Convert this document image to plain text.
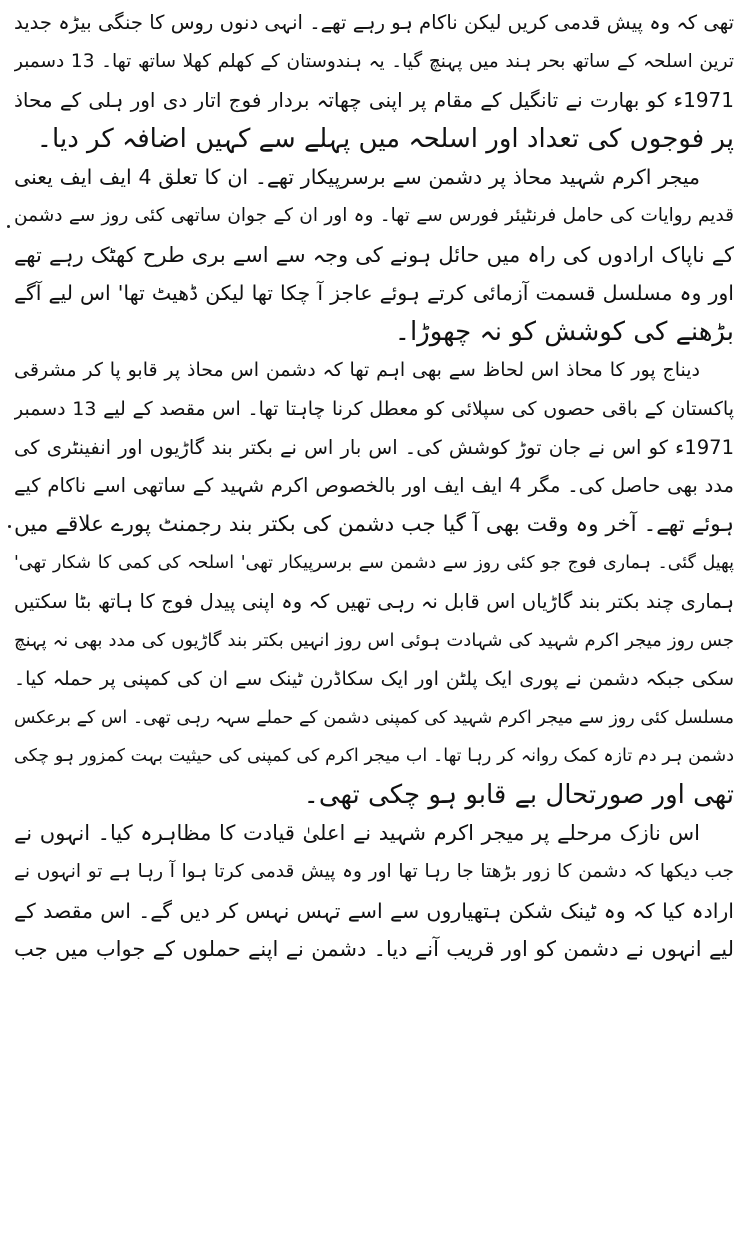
تھی کہ وہ پیش قدمی کریں لیکن ناکام ہو رہے تھے۔ انہی دنوں روس کا جنگی بیڑہ جدید
ترین اسلحہ کے ساتھ بحر ہند میں پہنچ گیا۔ یہ ہندوستان کے کھلم کھلا ساتھ تھا۔ 13 دسمبر
1971ء کو بھارت نے تانگیل کے مقام پر اپنی چھاتہ بردار فوج اتار دی اور ہلی کے محاذ
پر فوجوں کی تعداد اور اسلحہ میں پہلے سے کہیں اضافہ کر دیا۔
میجر اکرم شہید محاذ پر دشمن سے برسرپیکار تھے۔ ان کا تعلق 4 ایف ایف یعنی
قدیم روایات کی حامل فرنٹیئر فورس سے تھا۔ وہ اور ان کے جوان ساتھی کئی روز سے دشمن
کے ناپاک ارادوں کی راہ میں حائل ہونے کی وجہ سے اسے بری طرح کھٹک رہے تھے
اور وہ مسلسل قسمت آزمائی کرتے ہوئے عاجز آ چکا تھا لیکن ڈھیٹ تھا' اس لیے آگے
بڑھنے کی کوشش کو نہ چھوڑا۔
دیناج پور کا محاذ اس لحاظ سے بھی اہم تھا کہ دشمن اس محاذ پر قابو پا کر مشرقی
پاکستان کے باقی حصوں کی سپلائی کو معطل کرنا چاہتا تھا۔ اس مقصد کے لیے 13 دسمبر
1971ء کو اس نے جان توڑ کوشش کی۔ اس بار اس نے بکتر بند گاڑیوں اور انفینٹری کی
مدد بھی حاصل کی۔ مگر 4 ایف ایف اور بالخصوص اکرم شہید کے ساتھی اسے ناکام کیے
ہوئے تھے۔ آخر وہ وقت بھی آ گیا جب دشمن کی بکتر بند رجمنٹ پورے علاقے میں
پھیل گئی۔ ہماری فوج جو کئی روز سے دشمن سے برسرپیکار تھی' اسلحہ کی کمی کا شکار تھی'
ہماری چند بکتر بند گاڑیاں اس قابل نہ رہی تھیں کہ وہ اپنی پیدل فوج کا ہاتھ بٹا سکتیں
جس روز میجر اکرم شہید کی شہادت ہوئی اس روز انہیں بکتر بند گاڑیوں کی مدد بھی نہ پہنچ
سکی جبکہ دشمن نے پوری ایک پلٹن اور ایک سکاڈرن ٹینک سے ان کی کمپنی پر حملہ کیا۔
مسلسل کئی روز سے میجر اکرم شہید کی کمپنی دشمن کے حملے سہہ رہی تھی۔ اس کے برعکس
دشمن ہر دم تازہ کمک روانہ کر رہا تھا۔ اب میجر اکرم کی کمپنی کی حیثیت بہت کمزور ہو چکی
تھی اور صورتحال بے قابو ہو چکی تھی۔
اس نازک مرحلے پر میجر اکرم شہید نے اعلیٰ قیادت کا مظاہرہ کیا۔ انہوں نے
جب دیکھا کہ دشمن کا زور بڑھتا جا رہا تھا اور وہ پیش قدمی کرتا ہوا آ رہا ہے تو انہوں نے
ارادہ کیا کہ وہ ٹینک شکن ہتھیاروں سے اسے تہس نہس کر دیں گے۔ اس مقصد کے
لیے انہوں نے دشمن کو اور قریب آنے دیا۔ دشمن نے اپنے حملوں کے جواب میں جب
